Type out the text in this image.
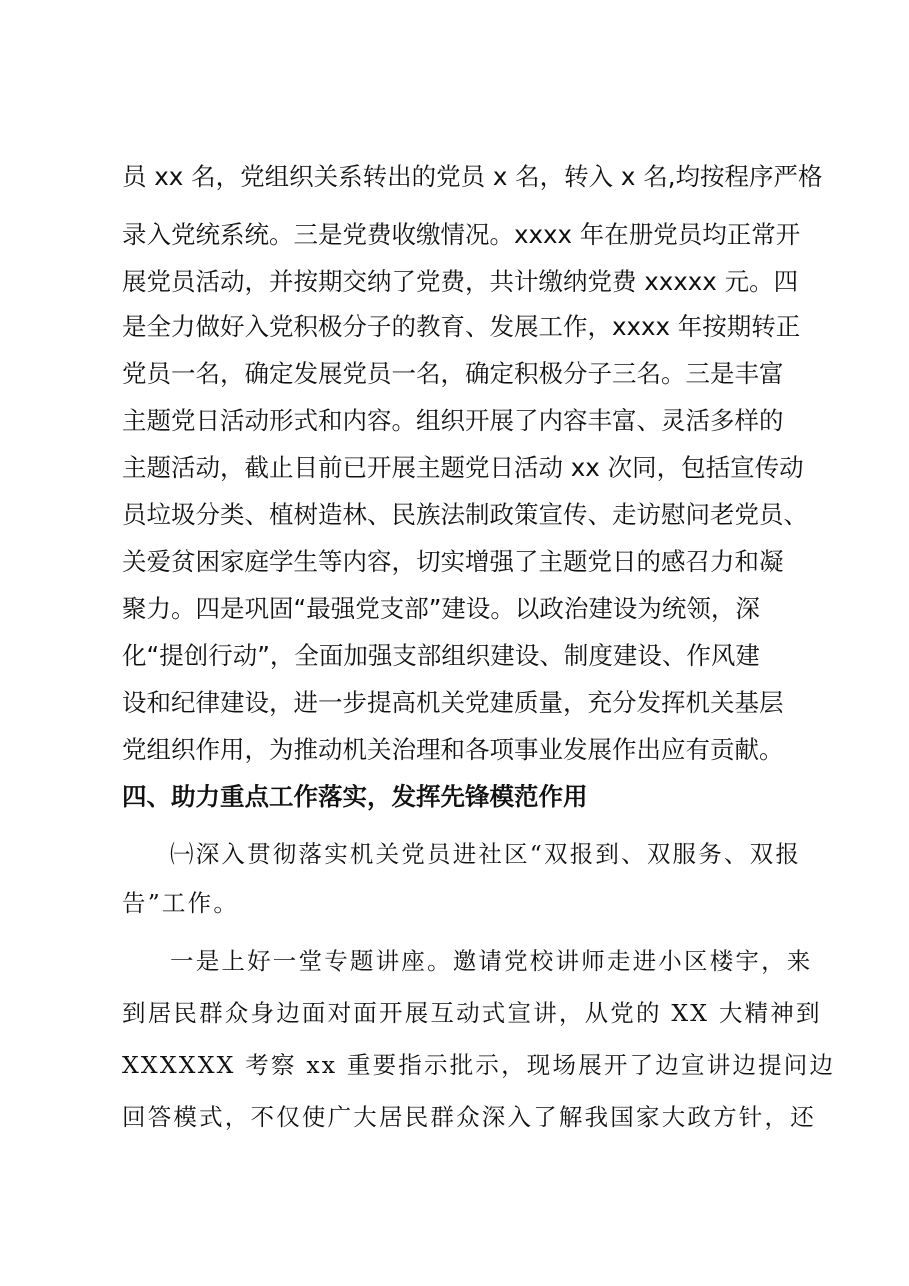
员 xx 名，党组织关系转出的党员 x 名，转入 x 名,均按程序严格
录入党统系统。三是党费收缴情况。xxxx 年在册党员均正常开
展党员活动，并按期交纳了党费，共计缴纳党费 xxxxx 元。四
是全力做好入党积极分子的教育、发展工作，xxxx 年按期转正
党员一名，确定发展党员一名，确定积极分子三名。三是丰富
主题党日活动形式和内容。组织开展了内容丰富、灵活多样的
主题活动，截止目前已开展主题党日活动 xx 次同，包括宣传动
员垃圾分类、植树造林、民族法制政策宣传、走访慰问老党员、
关爱贫困家庭学生等内容，切实增强了主题党日的感召力和凝
聚力。四是巩固“最强党支部”建设。以政治建设为统领，深
化“提创行动”，全面加强支部组织建设、制度建设、作风建
设和纪律建设，进一步提高机关党建质量，充分发挥机关基层
党组织作用，为推动机关治理和各项事业发展作出应有贡献。
四、助力重点工作落实，发挥先锋模范作用
㈠深入贯彻落实机关党员进社区“双报到、双服务、双报
告”工作。
一是上好一堂专题讲座。邀请党校讲师走进小区楼宇，来
到居民群众身边面对面开展互动式宣讲，从党的 XX 大精神到
XXXXXX 考察 xx 重要指示批示，现场展开了边宣讲边提问边
回答模式，不仅使广大居民群众深入了解我国家大政方针，还
